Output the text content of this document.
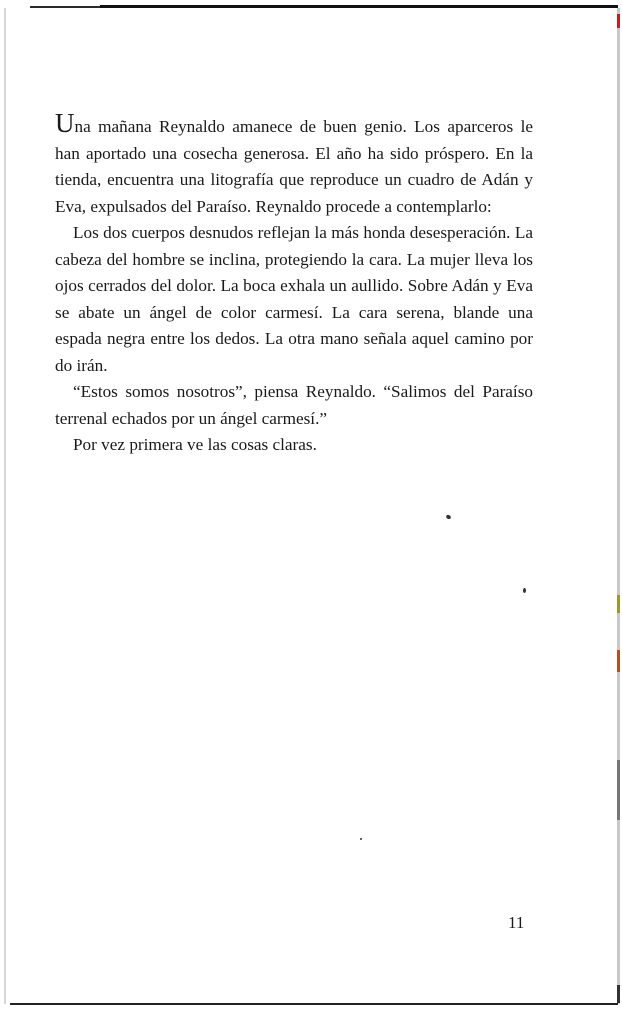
Una mañana Reynaldo amanece de buen genio. Los aparceros le han aportado una cosecha generosa. El año ha sido próspero. En la tienda, encuentra una litografía que reproduce un cuadro de Adán y Eva, expulsados del Paraíso. Reynaldo procede a contemplarlo:

Los dos cuerpos desnudos reflejan la más honda desesperación. La cabeza del hombre se inclina, protegiendo la cara. La mujer lleva los ojos cerrados del dolor. La boca exhala un aullido. Sobre Adán y Eva se abate un ángel de color carmesí. La cara serena, blande una espada negra entre los dedos. La otra mano señala aquel camino por do irán.

“Estos somos nosotros”, piensa Reynaldo. “Salimos del Paraíso terrenal echados por un ángel carmesí.”

Por vez primera ve las cosas claras.

11
